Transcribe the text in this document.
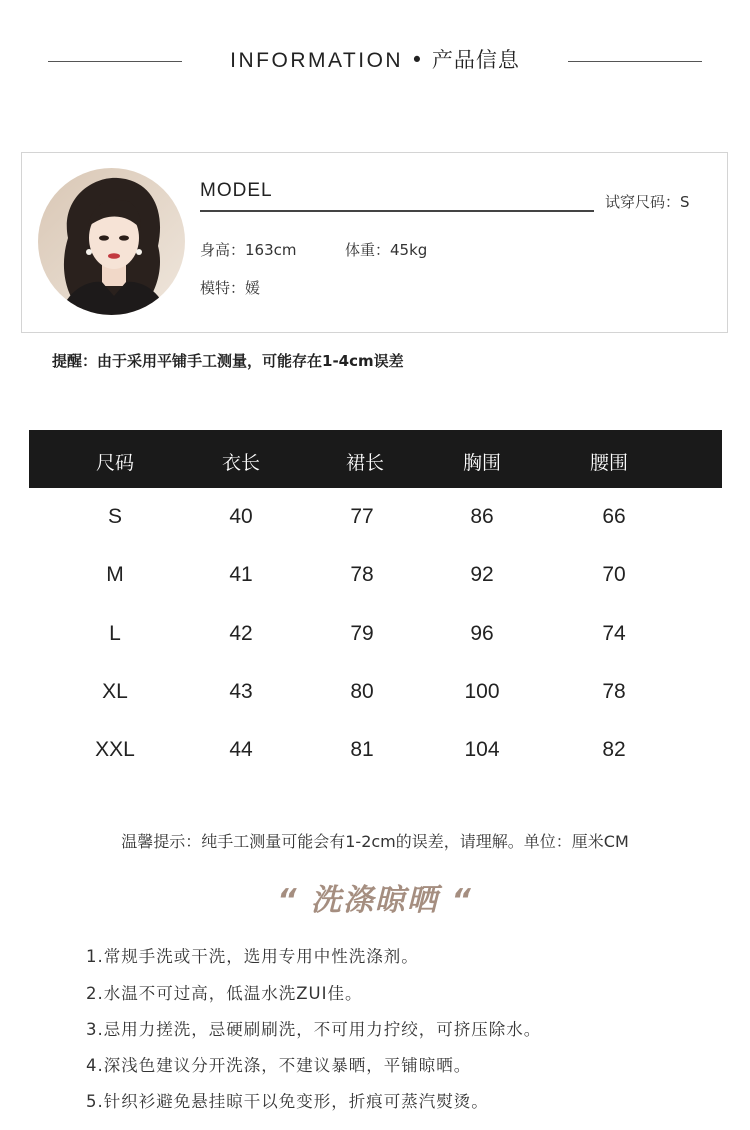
INFORMATION • 产品信息
MODEL
试穿尺码：S
身高：163cm	体重：45kg
模特：媛
提醒：由于采用平铺手工测量，可能存在1-4cm误差
尺码	衣长	裙长	胸围	腰围
S	40	77	86	66
M	41	78	92	70
L	42	79	96	74
XL	43	80	100	78
XXL	44	81	104	82
温馨提示：纯手工测量可能会有1-2cm的误差，请理解。单位：厘米CM
“ 洗涤晾晒 “
1.常规手洗或干洗，选用专用中性洗涤剂。
2.水温不可过高，低温水洗ZUI佳。
3.忌用力搓洗，忌硬刷刷洗，不可用力拧绞，可挤压除水。
4.深浅色建议分开洗涤，不建议暴晒，平铺晾晒。
5.针织衫避免悬挂晾干以免变形，折痕可蒸汽熨烫。
